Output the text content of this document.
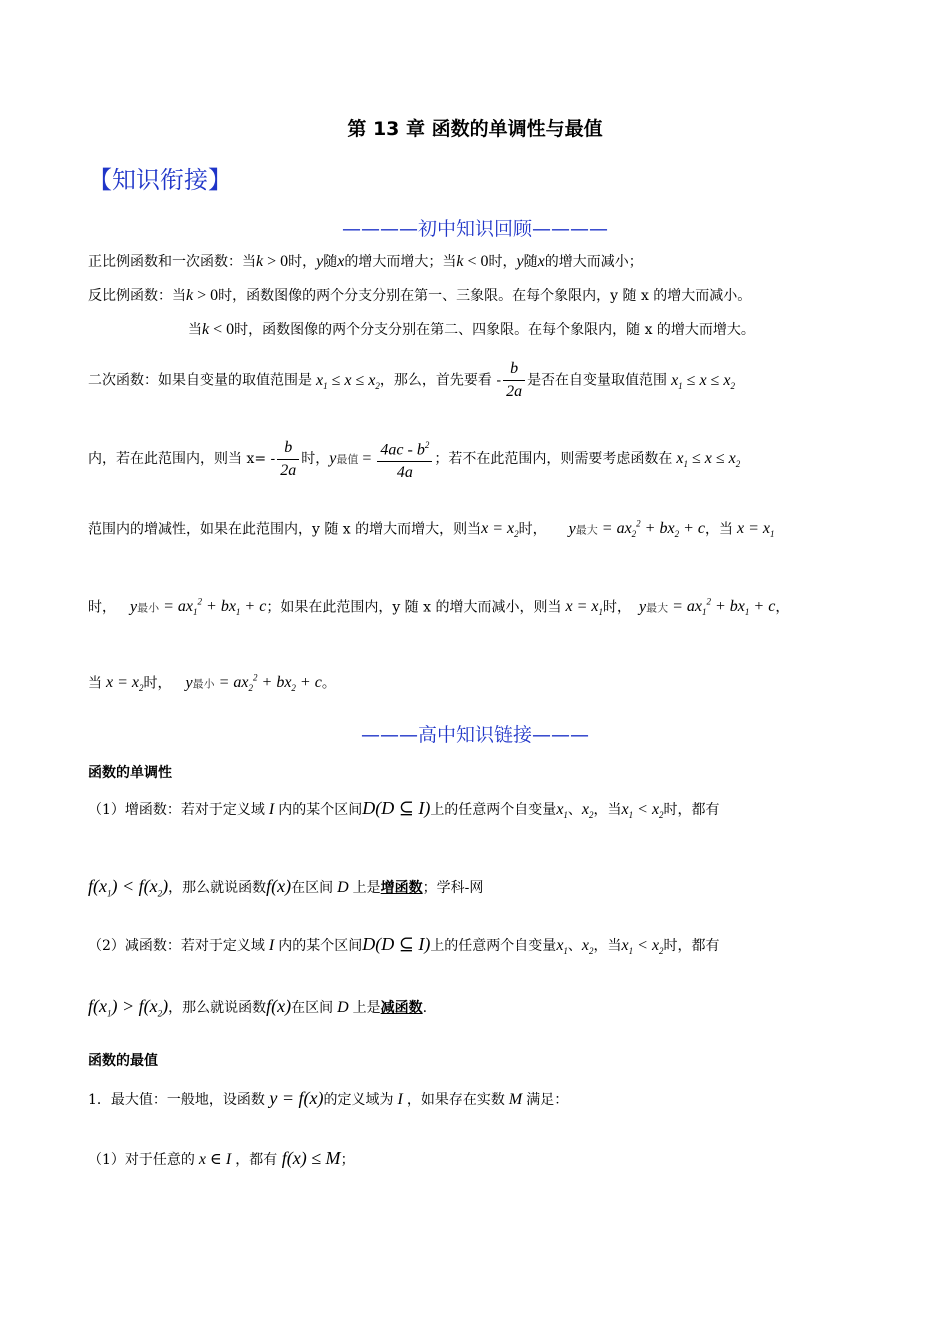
第 13 章 函数的单调性与最值
【知识衔接】
————初中知识回顾————
正比例函数和一次函数：当k > 0时，y随x的增大而增大；当k < 0时，y随x的增大而减小；
反比例函数：当k > 0时，函数图像的两个分支分别在第一、三象限。在每个象限内，y 随 x 的增大而减小。
当k < 0时，函数图像的两个分支分别在第二、四象限。在每个象限内，随 x 的增大而增大。
二次函数：如果自变量的取值范围是 $x_1 \le x \le x_2$，那么，首先要看 - $\frac{b}{2a}$ 是否在自变量取值范围 $x_1 \le x \le x_2$
内，若在此范围内，则当 $x= - \frac{b}{2a}$ 时，y最值 = $\frac{4ac - b^2}{4a}$ ；若不在此范围内，则需要考虑函数在 $x_1 \le x \le x_2$
范围内的增减性，如果在此范围内，y 随 x 的增大而增大，则当$x = x_2$时， y最大 = $ax_2^2 + bx_2 + c$，当 $x = x_1$
时， y最小 = $ax_1^2 + bx_1 + c$；如果在此范围内，y 随 x 的增大而减小，则当 $x = x_1$时， y最大 = $ax_1^2 + bx_1 + c$，
当 $x = x_2$时， y最小 = $ax_2^2 + bx_2 + c$。
———高中知识链接———
函数的单调性
（1）增函数：若对于定义域 I 内的某个区间D(D ⊆ I)上的任意两个自变量$x_1$、$x_2$，当$x_1 < x_2$时，都有
$f(x_1) < f(x_2)$，那么就说函数f(x)在区间 D 上是增函数；学科-网
（2）减函数：若对于定义域 I 内的某个区间D(D ⊆ I)上的任意两个自变量$x_1$、$x_2$，当$x_1 < x_2$时，都有
$f(x_1) > f(x_2)$，那么就说函数f(x)在区间 D 上是减函数.
函数的最值
1．最大值：一般地，设函数 y = f(x)的定义域为 I ，如果存在实数 M 满足：
（1）对于任意的 x ∈ I ，都有 f(x) ≤ M；
